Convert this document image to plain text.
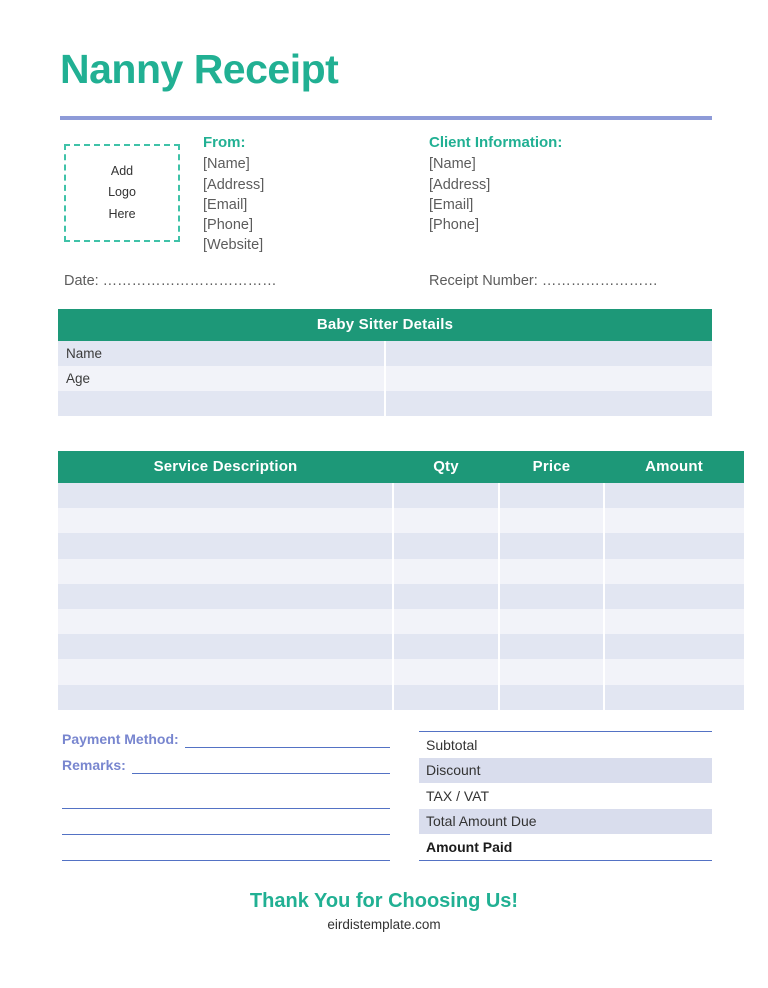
Nanny Receipt
Add
Logo
Here
From:
[Name]
[Address]
[Email]
[Phone]
[Website]
Client Information:
[Name]
[Address]
[Email]
[Phone]
Date: ………………………………	Receipt Number: ……………………
Baby Sitter Details	
Name	
Age	

Service Description	Qty	Price	Amount

Payment Method:
Remarks:
Subtotal
Discount
TAX / VAT
Total Amount Due
Amount Paid
Thank You for Choosing Us!
eirdistemplate.com
